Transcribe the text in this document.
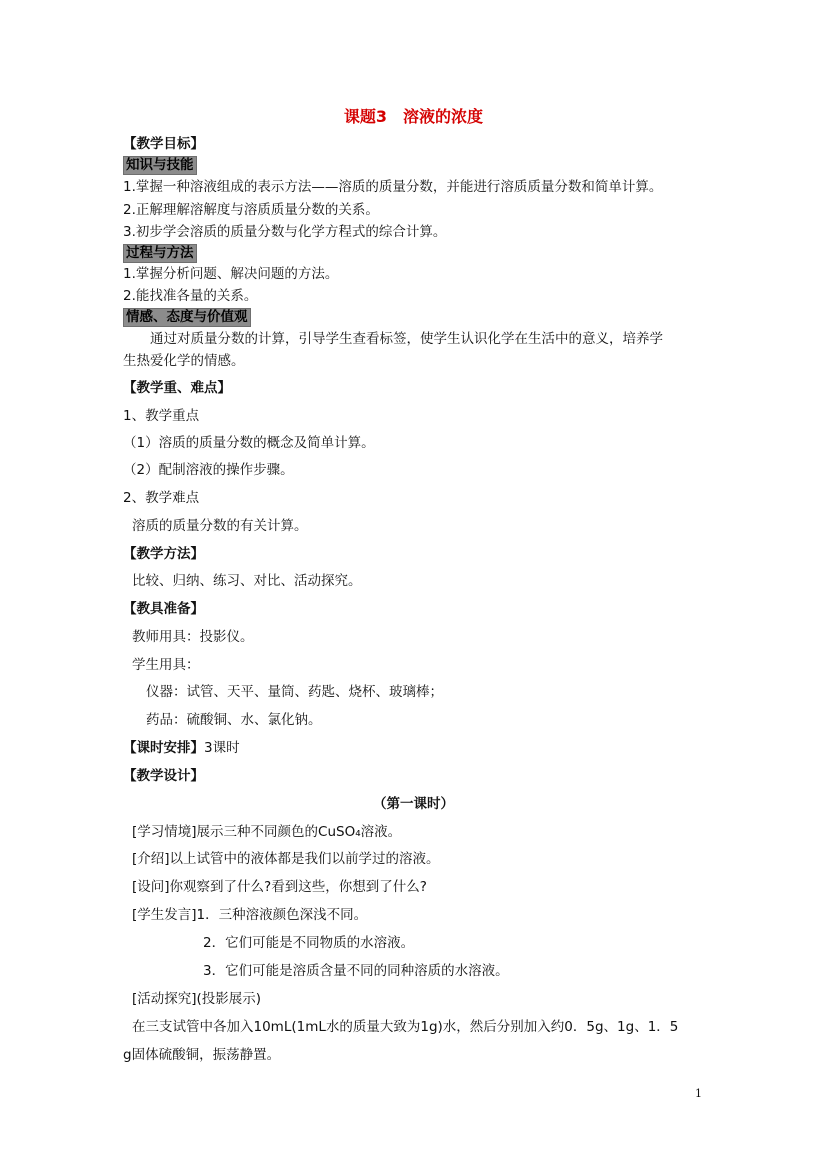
课题3　溶液的浓度
【教学目标】
知识与技能
1.掌握一种溶液组成的表示方法——溶质的质量分数，并能进行溶质质量分数和简单计算。
2.正解理解溶解度与溶质质量分数的关系。
3.初步学会溶质的质量分数与化学方程式的综合计算。
过程与方法
1.掌握分析问题、解决问题的方法。
2.能找准各量的关系。
情感、态度与价值观
通过对质量分数的计算，引导学生查看标签，使学生认识化学在生活中的意义，培养学
生热爱化学的情感。
【教学重、难点】
1、教学重点
（1）溶质的质量分数的概念及简单计算。
（2）配制溶液的操作步骤。
2、教学难点
溶质的质量分数的有关计算。
【教学方法】
比较、归纳、练习、对比、活动探究。
【教具准备】
教师用具：投影仪。
学生用具：
仪器：试管、天平、量筒、药匙、烧杯、玻璃棒；
药品：硫酸铜、水、氯化钠。
【课时安排】3课时
【教学设计】
（第一课时）
[学习情境]展示三种不同颜色的CuSO₄溶液。
[介绍]以上试管中的液体都是我们以前学过的溶液。
[设问]你观察到了什么?看到这些，你想到了什么?
[学生发言]1．三种溶液颜色深浅不同。
2．它们可能是不同物质的水溶液。
3．它们可能是溶质含量不同的同种溶质的水溶液。
[活动探究](投影展示)
在三支试管中各加入10mL(1mL水的质量大致为1g)水，然后分别加入约0．5g、1g、1．5
g固体硫酸铜，振荡静置。
1
